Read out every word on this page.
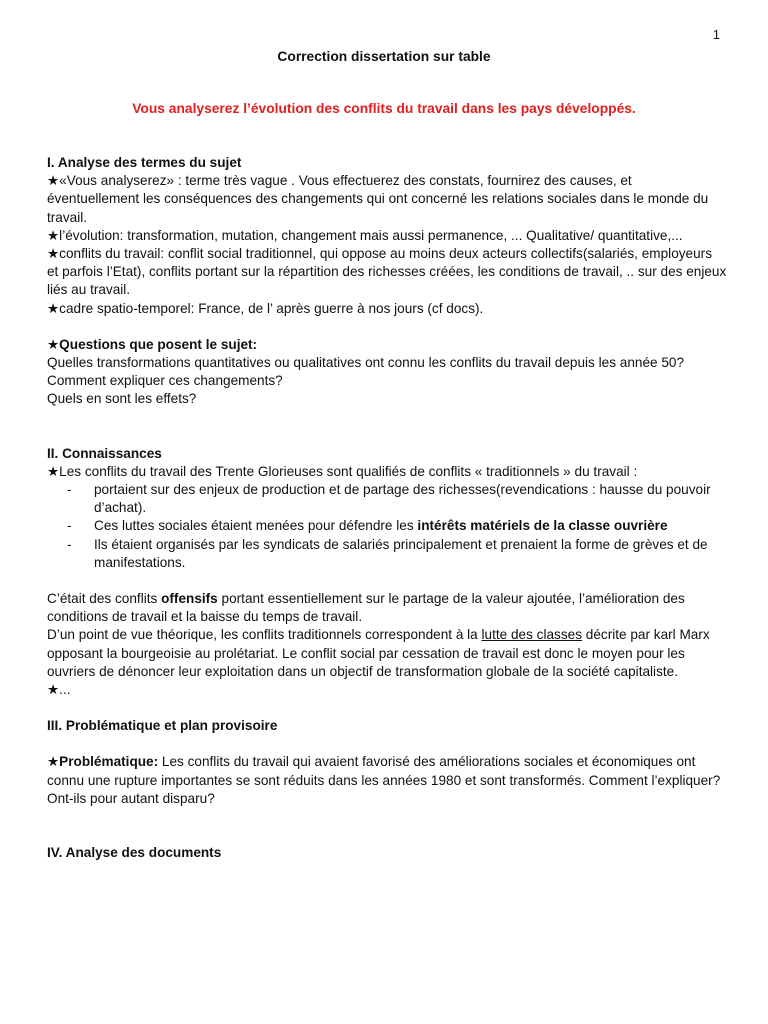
1
Correction dissertation sur table
Vous analyserez l’évolution des conflits du travail dans les pays développés.

I. Analyse des termes du sujet

★«Vous analyserez» : terme très vague . Vous effectuerez des constats, fournirez des causes, et éventuellement les conséquences des changements qui ont concerné les relations sociales dans le monde du travail.

★l’évolution: transformation, mutation, changement mais aussi permanence, ... Qualitative/ quantitative,...

★conflits du travail: conflit social traditionnel, qui oppose au moins deux acteurs collectifs(salariés, employeurs et parfois l’Etat), conflits portant sur la répartition des richesses créées, les conditions de travail, .. sur des enjeux liés au travail.

★cadre spatio-temporel: France, de l’ après guerre à nos jours (cf docs).

★Questions que posent le sujet:

Quelles transformations quantitatives ou qualitatives ont connu les conflits du travail depuis les année 50?

Comment expliquer ces changements?

Quels en sont les effets?

II. Connaissances

★Les conflits du travail des Trente Glorieuses sont qualifiés de conflits « traditionnels » du travail :

- portaient sur des enjeux de production et de partage des richesses(revendications : hausse du pouvoir d’achat).
- Ces luttes sociales étaient menées pour défendre les intérêts matériels de la classe ouvrière
- Ils étaient organisés par les syndicats de salariés principalement et prenaient la forme de grèves et de manifestations.

C’était des conflits offensifs portant essentiellement sur le partage de la valeur ajoutée, l’amélioration des conditions de travail et la baisse du temps de travail.

D’un point de vue théorique, les conflits traditionnels correspondent à la lutte des classes décrite par karl Marx opposant la bourgeoisie au prolétariat. Le conflit social par cessation de travail est donc le moyen pour les ouvriers de dénoncer leur exploitation dans un objectif de transformation globale de la société capitaliste.

★...

III. Problématique et plan provisoire

★Problématique: Les conflits du travail qui avaient favorisé des améliorations sociales et économiques ont connu une rupture importantes se sont réduits dans les années 1980 et sont transformés. Comment l’expliquer? Ont-ils pour autant disparu?

IV. Analyse des documents
